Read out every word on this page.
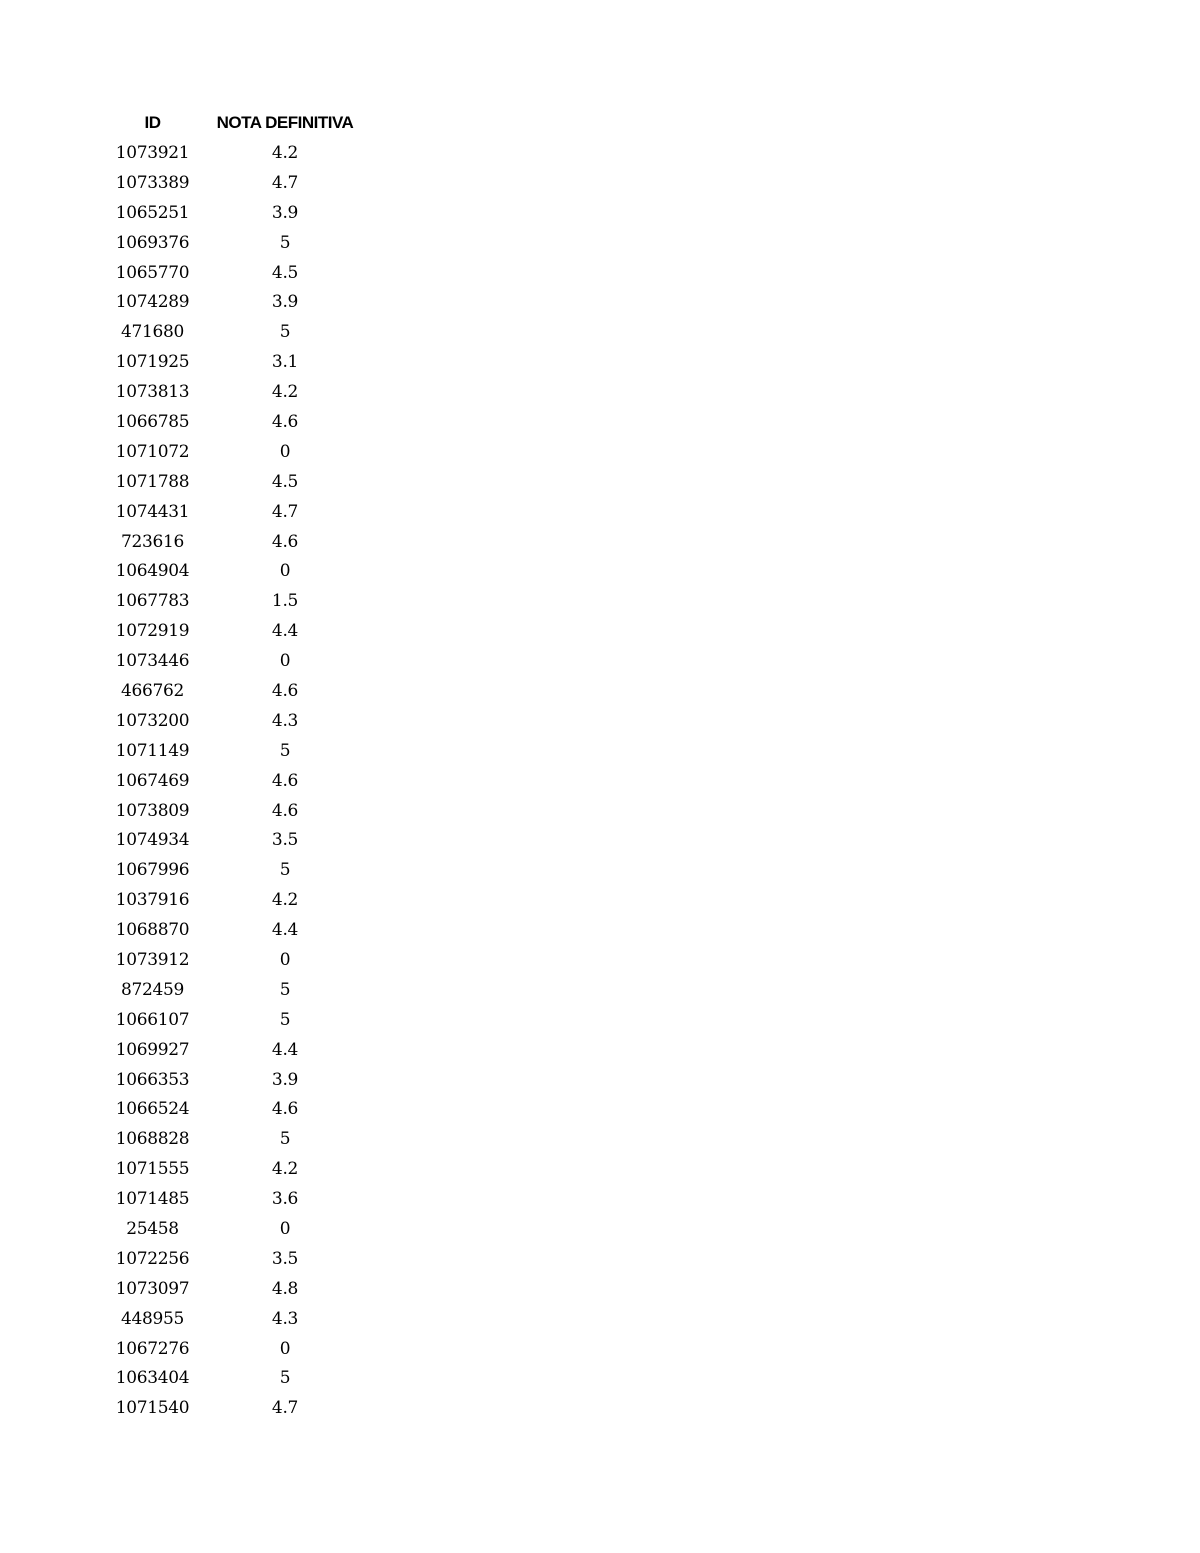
ID	NOTA DEFINITIVA
1073921	4.2
1073389	4.7
1065251	3.9
1069376	5
1065770	4.5
1074289	3.9
471680	5
1071925	3.1
1073813	4.2
1066785	4.6
1071072	0
1071788	4.5
1074431	4.7
723616	4.6
1064904	0
1067783	1.5
1072919	4.4
1073446	0
466762	4.6
1073200	4.3
1071149	5
1067469	4.6
1073809	4.6
1074934	3.5
1067996	5
1037916	4.2
1068870	4.4
1073912	0
872459	5
1066107	5
1069927	4.4
1066353	3.9
1066524	4.6
1068828	5
1071555	4.2
1071485	3.6
25458	0
1072256	3.5
1073097	4.8
448955	4.3
1067276	0
1063404	5
1071540	4.7
